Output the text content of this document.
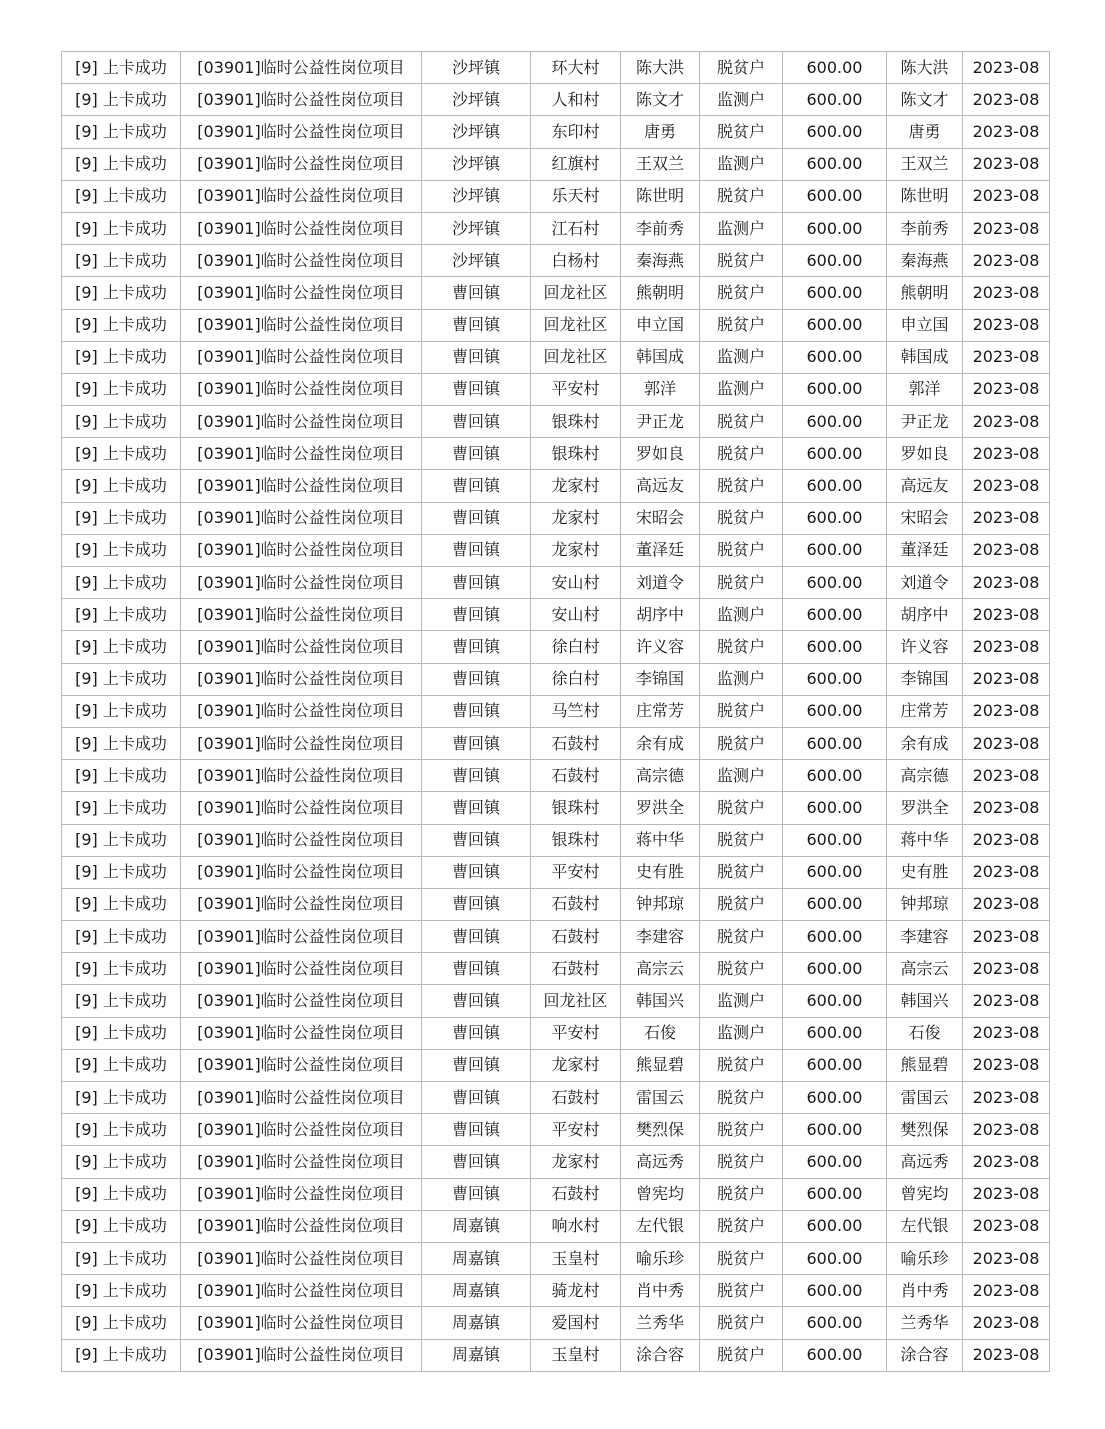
[9] 上卡成功	[03901]临时公益性岗位项目	沙坪镇	环大村	陈大洪	脱贫户	600.00	陈大洪	2023-08
[9] 上卡成功	[03901]临时公益性岗位项目	沙坪镇	人和村	陈文才	监测户	600.00	陈文才	2023-08
[9] 上卡成功	[03901]临时公益性岗位项目	沙坪镇	东印村	唐勇	脱贫户	600.00	唐勇	2023-08
[9] 上卡成功	[03901]临时公益性岗位项目	沙坪镇	红旗村	王双兰	监测户	600.00	王双兰	2023-08
[9] 上卡成功	[03901]临时公益性岗位项目	沙坪镇	乐天村	陈世明	脱贫户	600.00	陈世明	2023-08
[9] 上卡成功	[03901]临时公益性岗位项目	沙坪镇	江石村	李前秀	监测户	600.00	李前秀	2023-08
[9] 上卡成功	[03901]临时公益性岗位项目	沙坪镇	白杨村	秦海燕	脱贫户	600.00	秦海燕	2023-08
[9] 上卡成功	[03901]临时公益性岗位项目	曹回镇	回龙社区	熊朝明	脱贫户	600.00	熊朝明	2023-08
[9] 上卡成功	[03901]临时公益性岗位项目	曹回镇	回龙社区	申立国	脱贫户	600.00	申立国	2023-08
[9] 上卡成功	[03901]临时公益性岗位项目	曹回镇	回龙社区	韩国成	监测户	600.00	韩国成	2023-08
[9] 上卡成功	[03901]临时公益性岗位项目	曹回镇	平安村	郭洋	监测户	600.00	郭洋	2023-08
[9] 上卡成功	[03901]临时公益性岗位项目	曹回镇	银珠村	尹正龙	脱贫户	600.00	尹正龙	2023-08
[9] 上卡成功	[03901]临时公益性岗位项目	曹回镇	银珠村	罗如良	脱贫户	600.00	罗如良	2023-08
[9] 上卡成功	[03901]临时公益性岗位项目	曹回镇	龙家村	高远友	脱贫户	600.00	高远友	2023-08
[9] 上卡成功	[03901]临时公益性岗位项目	曹回镇	龙家村	宋昭会	脱贫户	600.00	宋昭会	2023-08
[9] 上卡成功	[03901]临时公益性岗位项目	曹回镇	龙家村	董泽廷	脱贫户	600.00	董泽廷	2023-08
[9] 上卡成功	[03901]临时公益性岗位项目	曹回镇	安山村	刘道令	脱贫户	600.00	刘道令	2023-08
[9] 上卡成功	[03901]临时公益性岗位项目	曹回镇	安山村	胡序中	监测户	600.00	胡序中	2023-08
[9] 上卡成功	[03901]临时公益性岗位项目	曹回镇	徐白村	许义容	脱贫户	600.00	许义容	2023-08
[9] 上卡成功	[03901]临时公益性岗位项目	曹回镇	徐白村	李锦国	监测户	600.00	李锦国	2023-08
[9] 上卡成功	[03901]临时公益性岗位项目	曹回镇	马竺村	庄常芳	脱贫户	600.00	庄常芳	2023-08
[9] 上卡成功	[03901]临时公益性岗位项目	曹回镇	石鼓村	余有成	脱贫户	600.00	余有成	2023-08
[9] 上卡成功	[03901]临时公益性岗位项目	曹回镇	石鼓村	高宗德	监测户	600.00	高宗德	2023-08
[9] 上卡成功	[03901]临时公益性岗位项目	曹回镇	银珠村	罗洪全	脱贫户	600.00	罗洪全	2023-08
[9] 上卡成功	[03901]临时公益性岗位项目	曹回镇	银珠村	蒋中华	脱贫户	600.00	蒋中华	2023-08
[9] 上卡成功	[03901]临时公益性岗位项目	曹回镇	平安村	史有胜	脱贫户	600.00	史有胜	2023-08
[9] 上卡成功	[03901]临时公益性岗位项目	曹回镇	石鼓村	钟邦琼	脱贫户	600.00	钟邦琼	2023-08
[9] 上卡成功	[03901]临时公益性岗位项目	曹回镇	石鼓村	李建容	脱贫户	600.00	李建容	2023-08
[9] 上卡成功	[03901]临时公益性岗位项目	曹回镇	石鼓村	高宗云	脱贫户	600.00	高宗云	2023-08
[9] 上卡成功	[03901]临时公益性岗位项目	曹回镇	回龙社区	韩国兴	监测户	600.00	韩国兴	2023-08
[9] 上卡成功	[03901]临时公益性岗位项目	曹回镇	平安村	石俊	监测户	600.00	石俊	2023-08
[9] 上卡成功	[03901]临时公益性岗位项目	曹回镇	龙家村	熊显碧	脱贫户	600.00	熊显碧	2023-08
[9] 上卡成功	[03901]临时公益性岗位项目	曹回镇	石鼓村	雷国云	脱贫户	600.00	雷国云	2023-08
[9] 上卡成功	[03901]临时公益性岗位项目	曹回镇	平安村	樊烈保	脱贫户	600.00	樊烈保	2023-08
[9] 上卡成功	[03901]临时公益性岗位项目	曹回镇	龙家村	高远秀	脱贫户	600.00	高远秀	2023-08
[9] 上卡成功	[03901]临时公益性岗位项目	曹回镇	石鼓村	曾宪均	脱贫户	600.00	曾宪均	2023-08
[9] 上卡成功	[03901]临时公益性岗位项目	周嘉镇	响水村	左代银	脱贫户	600.00	左代银	2023-08
[9] 上卡成功	[03901]临时公益性岗位项目	周嘉镇	玉皇村	喻乐珍	脱贫户	600.00	喻乐珍	2023-08
[9] 上卡成功	[03901]临时公益性岗位项目	周嘉镇	骑龙村	肖中秀	脱贫户	600.00	肖中秀	2023-08
[9] 上卡成功	[03901]临时公益性岗位项目	周嘉镇	爱国村	兰秀华	脱贫户	600.00	兰秀华	2023-08
[9] 上卡成功	[03901]临时公益性岗位项目	周嘉镇	玉皇村	涂合容	脱贫户	600.00	涂合容	2023-08
